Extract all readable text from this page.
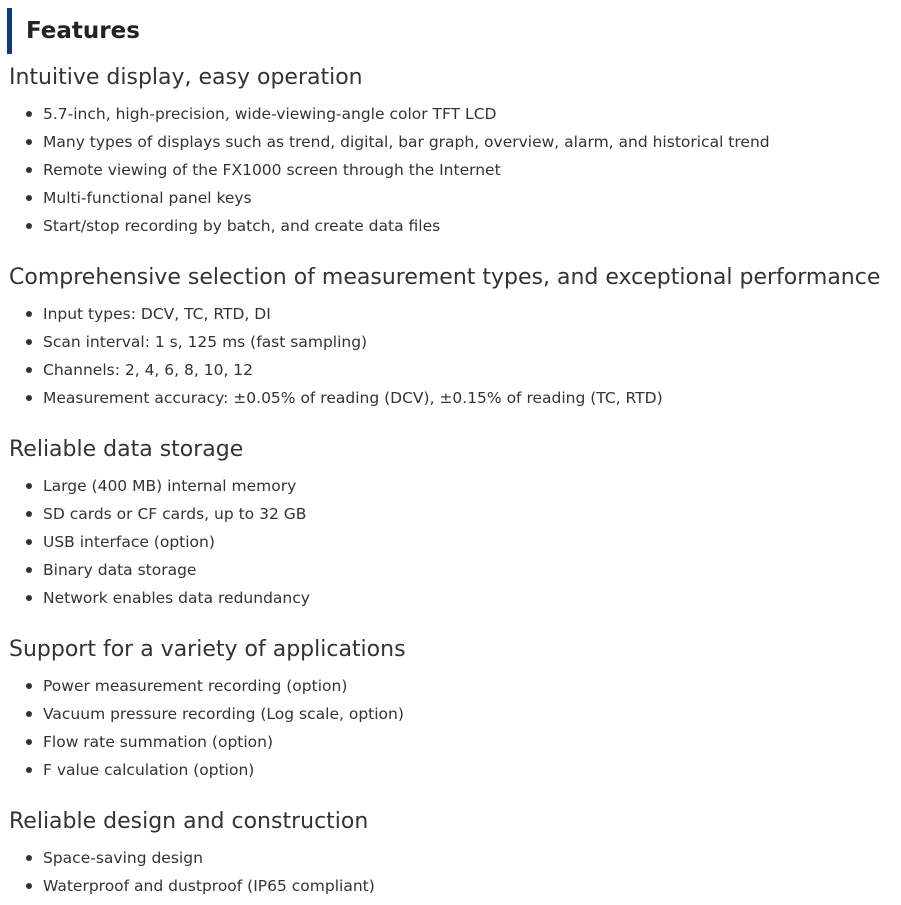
Features
Intuitive display, easy operation
5.7-inch, high-precision, wide-viewing-angle color TFT LCD
Many types of displays such as trend, digital, bar graph, overview, alarm, and historical trend
Remote viewing of the FX1000 screen through the Internet
Multi-functional panel keys
Start/stop recording by batch, and create data files
Comprehensive selection of measurement types, and exceptional performance
Input types: DCV, TC, RTD, DI
Scan interval: 1 s, 125 ms (fast sampling)
Channels: 2, 4, 6, 8, 10, 12
Measurement accuracy: ±0.05% of reading (DCV), ±0.15% of reading (TC, RTD)
Reliable data storage
Large (400 MB) internal memory
SD cards or CF cards, up to 32 GB
USB interface (option)
Binary data storage
Network enables data redundancy
Support for a variety of applications
Power measurement recording (option)
Vacuum pressure recording (Log scale, option)
Flow rate summation (option)
F value calculation (option)
Reliable design and construction
Space-saving design
Waterproof and dustproof (IP65 compliant)
